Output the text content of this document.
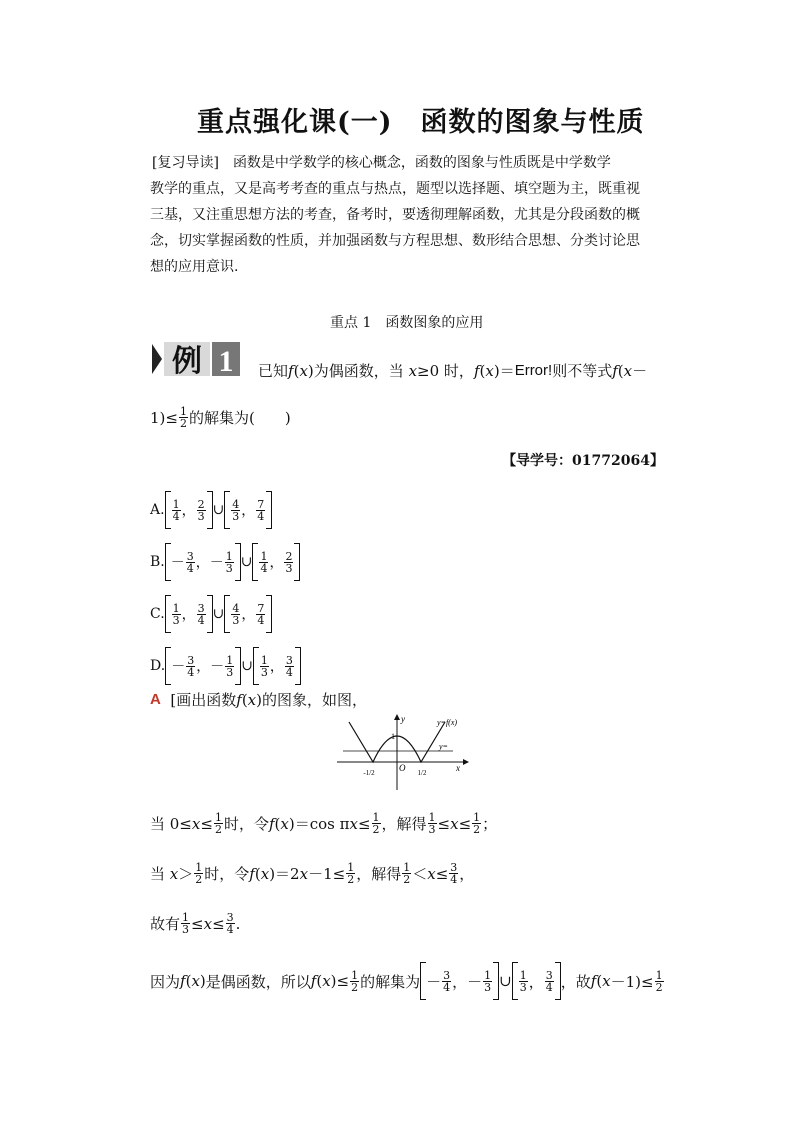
重点强化课(一)　函数的图象与性质

[复习导读]　 函数是中学数学的核心概念，函数的图象与性质既是中学数学

教学的重点，又是高考考查的重点与热点，题型以选择题、填空题为主，既重视

三基，又注重思想方法的考查，备考时，要透彻理解函数，尤其是分段函数的概

念，切实掌握函数的性质，并加强函数与方程思想、数形结合思想、分类讨论思

想的应用意识.

重点 1　函数图象的应用
例 1 已知 f ( x ) 为偶函数，当
x ≥0 时， f ( x )＝ Error! 则不等式 f ( x －
$1)\le \frac{1}{2}$ 的解集为(　　)
【导学号：01772064】
A. $\frac{1}{4}$ ， $\frac{2}{3}$ ∪ $\frac{4}{3}$ ， $\frac{7}{4}$
B. － $\frac{3}{4}$ ，－ $\frac{1}{3}$ ∪ $\frac{1}{4}$ ， $\frac{2}{3}$
C. $\frac{1}{3}$ ， $\frac{3}{4}$ ∪ $\frac{4}{3}$ ， $\frac{7}{4}$
D. － $\frac{3}{4}$ ，－ $\frac{1}{3}$ ∪ $\frac{1}{3}$ ， $\frac{3}{4}$
A
[画出函数 f ( x ) 的图象，如图，
y
x
y=f(x)
y=
1
O
-1/2	1/2
当 $0\le x \le \frac{1}{2}$ 时，令 f ( x ) ＝cos π $x \le \frac{1}{2}$ ，解得 $\frac{1}{3} \le x \le \frac{1}{2}$ ；
当
$x > \frac{1}{2}$ 时，令 f ( x ) ＝2 $x -1\le \frac{1}{2}$ ，解得 $\frac{1}{2} < x \le \frac{3}{4}$ ，
故有 $\frac{1}{3} \le x \le \frac{3}{4}$ .
因为 f ( x ) 是偶函数，所以 f ( x )≤ $\frac{1}{2}$ 的解集为 － $\frac{3}{4}$ ，－ $\frac{1}{3}$ ∪ $\frac{1}{3}$ ， $\frac{3}{4}$ ，故 f ( $x -1)\le \frac{1}{2}$
